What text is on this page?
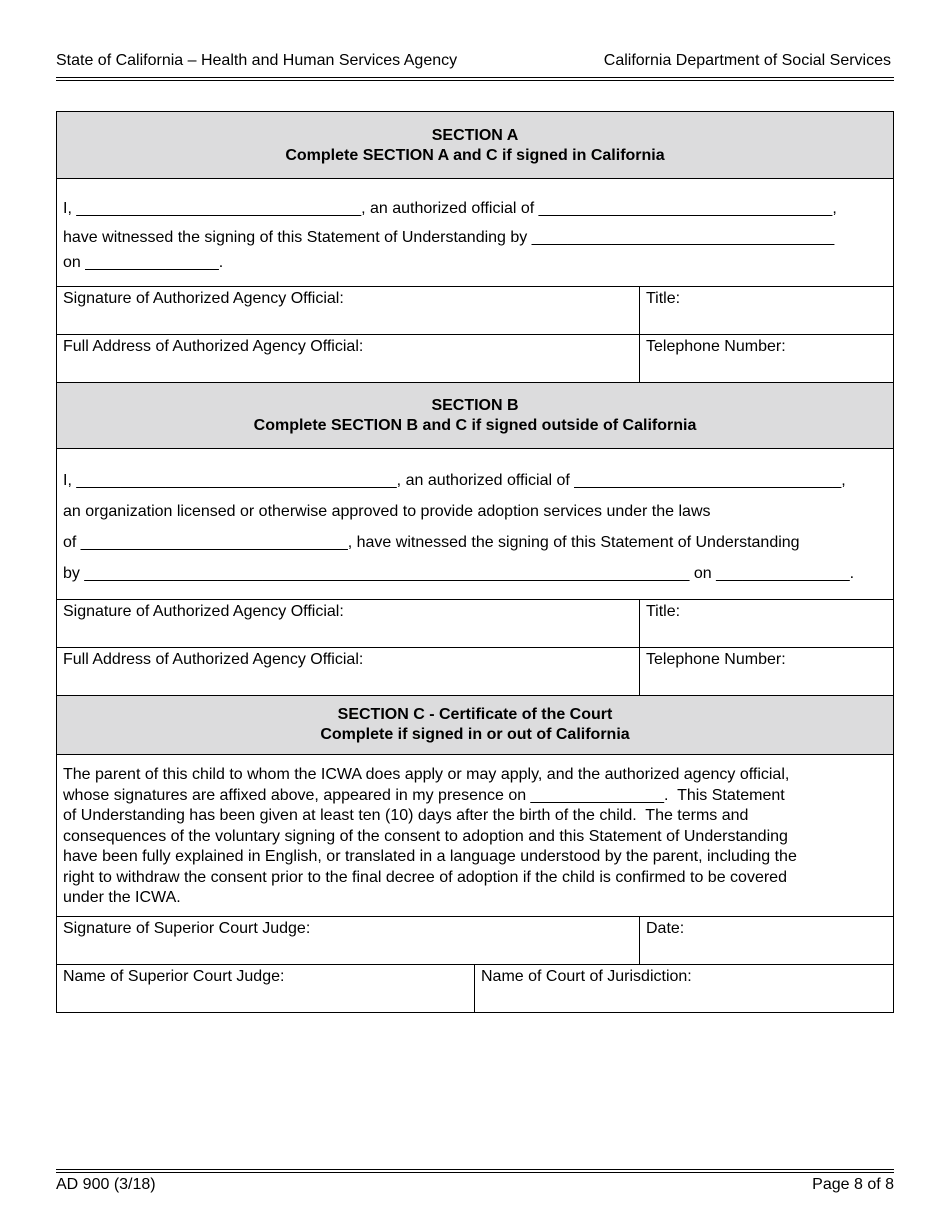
State of California – Health and Human Services Agency	California Department of Social Services
SECTION A
Complete SECTION A and C if signed in California
I, ________________________________, an authorized official of _________________________________,
have witnessed the signing of this Statement of Understanding by __________________________________
on _______________.
Signature of Authorized Agency Official:	Title:
Full Address of Authorized Agency Official:	Telephone Number:
SECTION B
Complete SECTION B and C if signed outside of California
I, ____________________________________, an authorized official of ______________________________,
an organization licensed or otherwise approved to provide adoption services under the laws
of ______________________________, have witnessed the signing of this Statement of Understanding
by ____________________________________________________________________ on _______________.
Signature of Authorized Agency Official:	Title:
Full Address of Authorized Agency Official:	Telephone Number:
SECTION C - Certificate of the Court
Complete if signed in or out of California
The parent of this child to whom the ICWA does apply or may apply, and the authorized agency official,
whose signatures are affixed above, appeared in my presence on _______________.  This Statement
of Understanding has been given at least ten (10) days after the birth of the child.  The terms and
consequences of the voluntary signing of the consent to adoption and this Statement of Understanding
have been fully explained in English, or translated in a language understood by the parent, including the
right to withdraw the consent prior to the final decree of adoption if the child is confirmed to be covered
under the ICWA.
Signature of Superior Court Judge:	Date:
Name of Superior Court Judge:	Name of Court of Jurisdiction:
AD 900 (3/18)	Page 8 of 8
